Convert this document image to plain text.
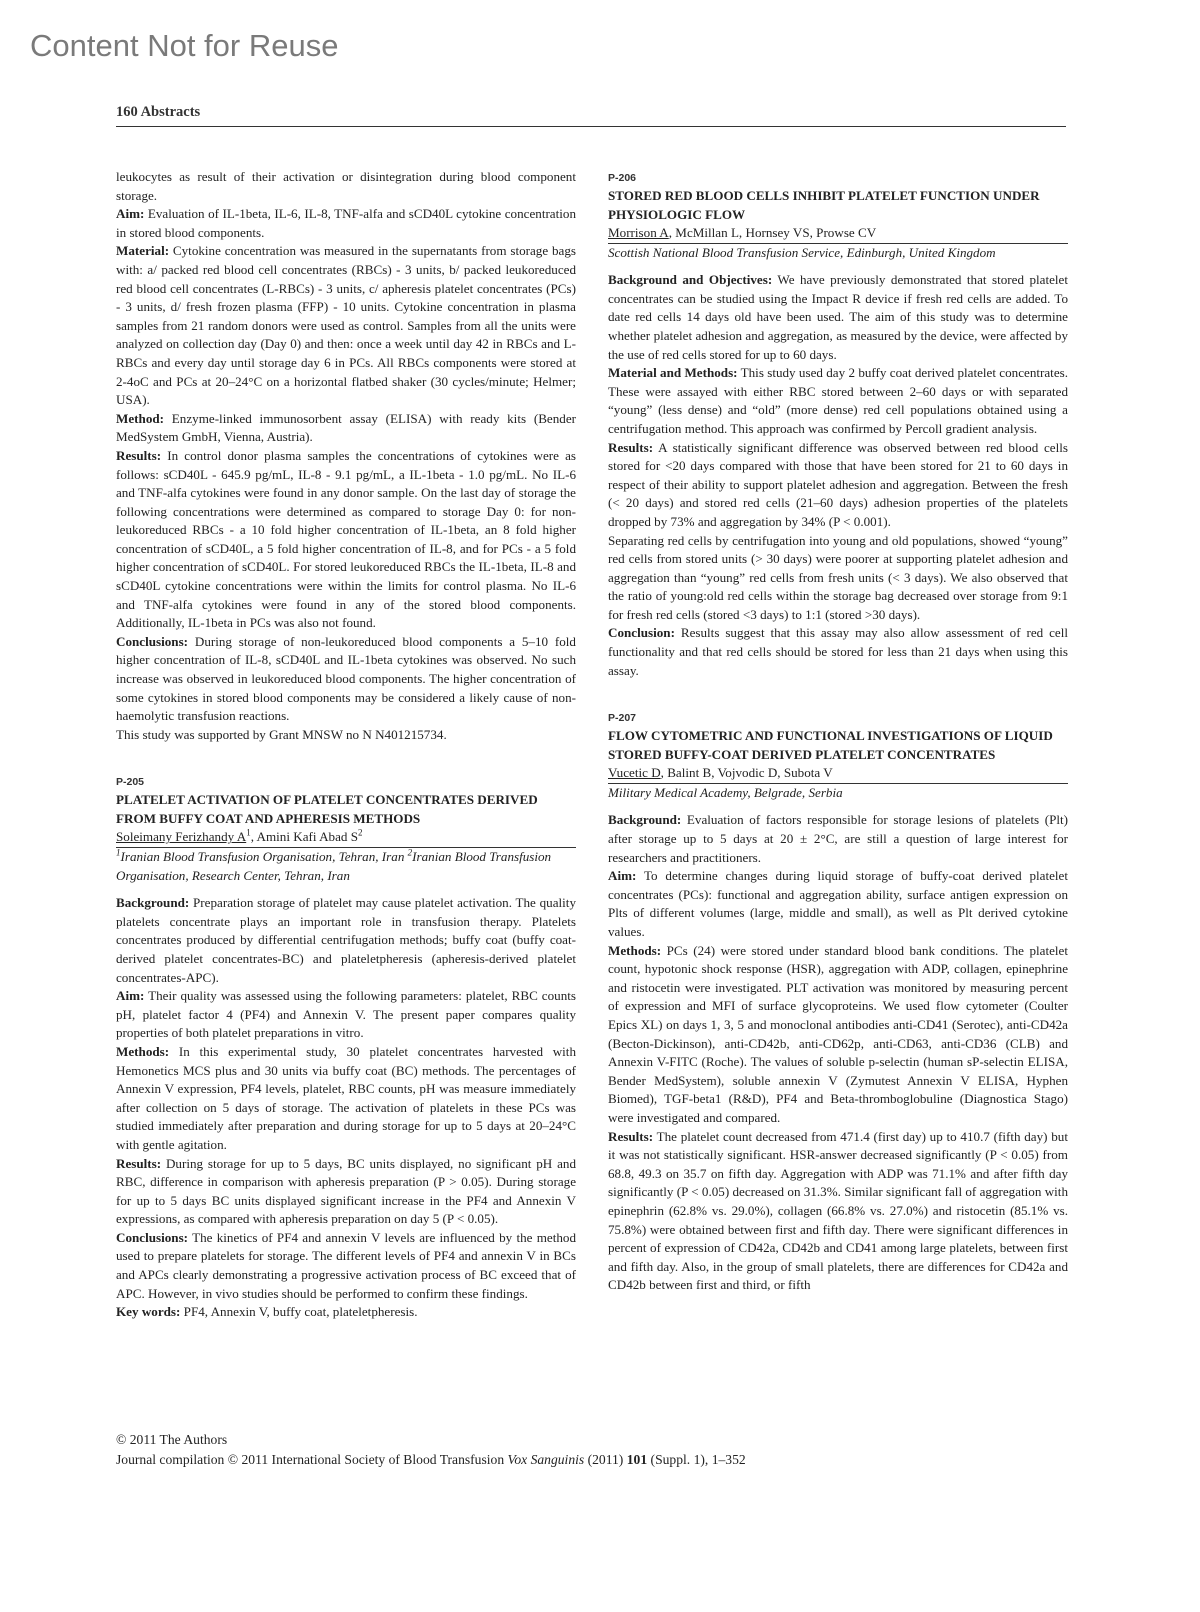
Content Not for Reuse
160 Abstracts

leukocytes as result of their activation or disintegration during blood component storage.

Aim: Evaluation of IL-1beta, IL-6, IL-8, TNF-alfa and sCD40L cytokine concentration in stored blood components.

Material: Cytokine concentration was measured in the supernatants from storage bags with: a/ packed red blood cell concentrates (RBCs) - 3 units, b/ packed leukoreduced red blood cell concentrates (L-RBCs) - 3 units, c/ apheresis platelet concentrates (PCs) - 3 units, d/ fresh frozen plasma (FFP) - 10 units. Cytokine concentration in plasma samples from 21 random donors were used as control. Samples from all the units were analyzed on collection day (Day 0) and then: once a week until day 42 in RBCs and L-RBCs and every day until storage day 6 in PCs. All RBCs components were stored at 2-4oC and PCs at 20–24°C on a horizontal flatbed shaker (30 cycles/minute; Helmer; USA).

Method: Enzyme-linked immunosorbent assay (ELISA) with ready kits (Bender MedSystem GmbH, Vienna, Austria).

Results: In control donor plasma samples the concentrations of cytokines were as follows: sCD40L - 645.9 pg/mL, IL-8 - 9.1 pg/mL, a IL-1beta - 1.0 pg/mL. No IL-6 and TNF-alfa cytokines were found in any donor sample. On the last day of storage the following concentrations were determined as compared to storage Day 0: for non-leukoreduced RBCs - a 10 fold higher concentration of IL-1beta, an 8 fold higher concentration of sCD40L, a 5 fold higher concentration of IL-8, and for PCs - a 5 fold higher concentration of sCD40L. For stored leukoreduced RBCs the IL-1beta, IL-8 and sCD40L cytokine concentrations were within the limits for control plasma. No IL-6 and TNF-alfa cytokines were found in any of the stored blood components. Additionally, IL-1beta in PCs was also not found.

Conclusions: During storage of non-leukoreduced blood components a 5–10 fold higher concentration of IL-8, sCD40L and IL-1beta cytokines was observed. No such increase was observed in leukoreduced blood components. The higher concentration of some cytokines in stored blood components may be considered a likely cause of non-haemolytic transfusion reactions.

This study was supported by Grant MNSW no N N401215734.

P-205

PLATELET ACTIVATION OF PLATELET CONCENTRATES DERIVED FROM BUFFY COAT AND APHERESIS METHODS

Soleimany Ferizhandy $A^1$, Amini Kafi Abad $S^2$

$^1$Iranian Blood Transfusion Organisation, Tehran, Iran $^2$Iranian Blood Transfusion Organisation, Research Center, Tehran, Iran

Background: Preparation storage of platelet may cause platelet activation. The quality platelets concentrate plays an important role in transfusion therapy. Platelets concentrates produced by differential centrifugation methods; buffy coat (buffy coat-derived platelet concentrates-BC) and plateletpheresis (apheresis-derived platelet concentrates-APC).

Aim: Their quality was assessed using the following parameters: platelet, RBC counts pH, platelet factor 4 (PF4) and Annexin V. The present paper compares quality properties of both platelet preparations in vitro.

Methods: In this experimental study, 30 platelet concentrates harvested with Hemonetics MCS plus and 30 units via buffy coat (BC) methods. The percentages of Annexin V expression, PF4 levels, platelet, RBC counts, pH was measure immediately after collection on 5 days of storage. The activation of platelets in these PCs was studied immediately after preparation and during storage for up to 5 days at 20–24°C with gentle agitation.

Results: During storage for up to 5 days, BC units displayed, no significant pH and RBC, difference in comparison with apheresis preparation (P > 0.05). During storage for up to 5 days BC units displayed significant increase in the PF4 and Annexin V expressions, as compared with apheresis preparation on day 5 (P < 0.05).

Conclusions: The kinetics of PF4 and annexin V levels are influenced by the method used to prepare platelets for storage. The different levels of PF4 and annexin V in BCs and APCs clearly demonstrating a progressive activation process of BC exceed that of APC. However, in vivo studies should be performed to confirm these findings.

Key words: PF4, Annexin V, buffy coat, plateletpheresis.

P-206

STORED RED BLOOD CELLS INHIBIT PLATELET FUNCTION UNDER PHYSIOLOGIC FLOW

Morrison A, McMillan L, Hornsey VS, Prowse CV

Scottish National Blood Transfusion Service, Edinburgh, United Kingdom

Background and Objectives: We have previously demonstrated that stored platelet concentrates can be studied using the Impact R device if fresh red cells are added. To date red cells 14 days old have been used. The aim of this study was to determine whether platelet adhesion and aggregation, as measured by the device, were affected by the use of red cells stored for up to 60 days.

Material and Methods: This study used day 2 buffy coat derived platelet concentrates. These were assayed with either RBC stored between 2–60 days or with separated “young” (less dense) and “old” (more dense) red cell populations obtained using a centrifugation method. This approach was confirmed by Percoll gradient analysis.

Results: A statistically significant difference was observed between red blood cells stored for <20 days compared with those that have been stored for 21 to 60 days in respect of their ability to support platelet adhesion and aggregation. Between the fresh (< 20 days) and stored red cells (21–60 days) adhesion properties of the platelets dropped by 73% and aggregation by 34% (P < 0.001).

Separating red cells by centrifugation into young and old populations, showed “young” red cells from stored units (> 30 days) were poorer at supporting platelet adhesion and aggregation than “young” red cells from fresh units (< 3 days). We also observed that the ratio of young:old red cells within the storage bag decreased over storage from 9:1 for fresh red cells (stored <3 days) to 1:1 (stored >30 days).

Conclusion: Results suggest that this assay may also allow assessment of red cell functionality and that red cells should be stored for less than 21 days when using this assay.

P-207

FLOW CYTOMETRIC AND FUNCTIONAL INVESTIGATIONS OF LIQUID STORED BUFFY-COAT DERIVED PLATELET CONCENTRATES

Vucetic D, Balint B, Vojvodic D, Subota V

Military Medical Academy, Belgrade, Serbia

Background: Evaluation of factors responsible for storage lesions of platelets (Plt) after storage up to 5 days at 20 ± 2°C, are still a question of large interest for researchers and practitioners.

Aim: To determine changes during liquid storage of buffy-coat derived platelet concentrates (PCs): functional and aggregation ability, surface antigen expression on Plts of different volumes (large, middle and small), as well as Plt derived cytokine values.

Methods: PCs (24) were stored under standard blood bank conditions. The platelet count, hypotonic shock response (HSR), aggregation with ADP, collagen, epinephrine and ristocetin were investigated. PLT activation was monitored by measuring percent of expression and MFI of surface glycoproteins. We used flow cytometer (Coulter Epics XL) on days 1, 3, 5 and monoclonal antibodies anti-CD41 (Serotec), anti-CD42a (Becton-Dickinson), anti-CD42b, anti-CD62p, anti-CD63, anti-CD36 (CLB) and Annexin V-FITC (Roche). The values of soluble p-selectin (human sP-selectin ELISA, Bender MedSystem), soluble annexin V (Zymutest Annexin V ELISA, Hyphen Biomed), TGF-beta1 (R&D), PF4 and Beta-thromboglobuline (Diagnostica Stago) were investigated and compared.

Results: The platelet count decreased from 471.4 (first day) up to 410.7 (fifth day) but it was not statistically significant. HSR-answer decreased significantly (P < 0.05) from 68.8, 49.3 on 35.7 on fifth day. Aggregation with ADP was 71.1% and after fifth day significantly (P < 0.05) decreased on 31.3%. Similar significant fall of aggregation with epinephrin (62.8% vs. 29.0%), collagen (66.8% vs. 27.0%) and ristocetin (85.1% vs. 75.8%) were obtained between first and fifth day. There were significant differences in percent of expression of CD42a, CD42b and CD41 among large platelets, between first and fifth day. Also, in the group of small platelets, there are differences for CD42a and CD42b between first and third, or fifth

© 2011 The Authors
Journal compilation © 2011 International Society of Blood Transfusion Vox Sanguinis (2011) 101 (Suppl. 1), 1–352
